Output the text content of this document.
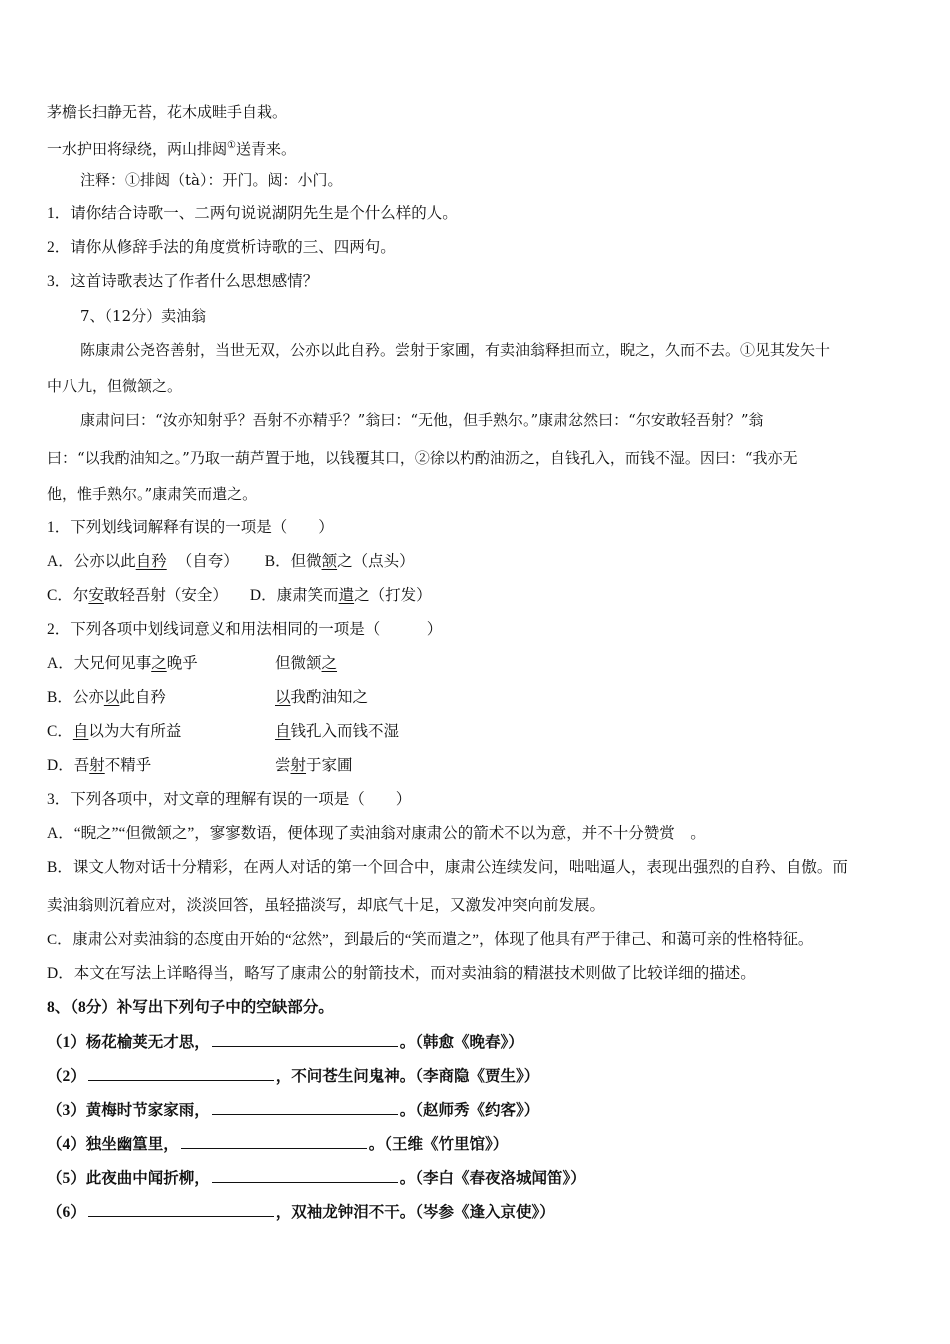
茅檐长扫静无苔，花木成畦手自栽。
一水护田将绿绕，两山排闼①送青来。
注释：①排闼（tà）：开门。闼：小门。
1．请你结合诗歌一、二两句说说湖阴先生是个什么样的人。
2．请你从修辞手法的角度赏析诗歌的三、四两句。
3．这首诗歌表达了作者什么思想感情？
7、（12分）卖油翁
陈康肃公尧咨善射，当世无双，公亦以此自矜。尝射于家圃，有卖油翁释担而立，睨之，久而不去。①见其发矢十
中八九，但微颔之。
康肃问曰：“汝亦知射乎？吾射不亦精乎？”翁曰：“无他，但手熟尔。”康肃忿然曰：“尔安敢轻吾射？”翁
曰：“以我酌油知之。”乃取一葫芦置于地，以钱覆其口，②徐以杓酌油沥之，自钱孔入，而钱不湿。因曰：“我亦无
他，惟手熟尔。”康肃笑而遣之。
1．下列划线词解释有误的一项是（　　）
A．公亦以此自矜 （自夸） B．但微颔之（点头）
C．尔安敢轻吾射（安全） D．康肃笑而遣之（打发）
2．下列各项中划线词意义和用法相同的一项是（　　　）
A．大兄何见事之晚乎	但微颔之
B．公亦以此自矜	以我酌油知之
C．自以为大有所益	自钱孔入而钱不湿
D．吾射不精乎	尝射于家圃
3．下列各项中，对文章的理解有误的一项是（　　）
A．“睨之”“但微颔之”，寥寥数语，便体现了卖油翁对康肃公的箭术不以为意，并不十分赞赏　。
B．课文人物对话十分精彩，在两人对话的第一个回合中，康肃公连续发问，咄咄逼人，表现出强烈的自矜、自傲。而
卖油翁则沉着应对，淡淡回答，虽轻描淡写，却底气十足，又激发冲突向前发展。
C．康肃公对卖油翁的态度由开始的“忿然”，到最后的“笑而遣之”，体现了他具有严于律己、和蔼可亲的性格特征。
D．本文在写法上详略得当，略写了康肃公的射箭技术，而对卖油翁的精湛技术则做了比较详细的描述。
8、（8分）补写出下列句子中的空缺部分。
（1）杨花榆荚无才思，	。（韩愈《晚春》）
（2）	，不问苍生问鬼神。（李商隐《贾生》）
（3）黄梅时节家家雨，	。（赵师秀《约客》）
（4）独坐幽篁里，	。（王维《竹里馆》）
（5）此夜曲中闻折柳，	。（李白《春夜洛城闻笛》）
（6）	，双袖龙钟泪不干。（岑参《逢入京使》）
